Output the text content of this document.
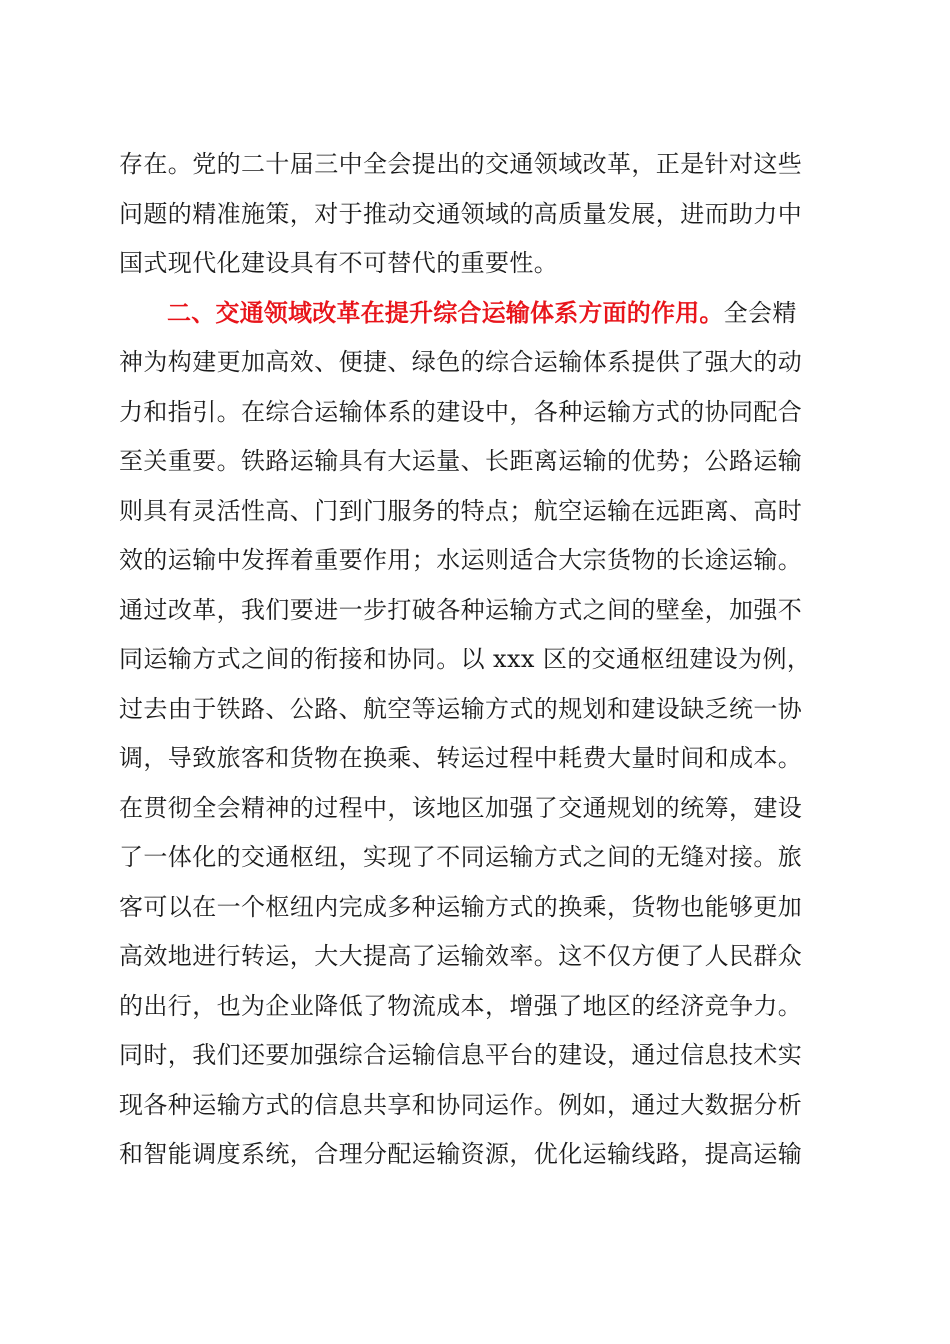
存在。党的二十届三中全会提出的交通领域改革，正是针对这些
问题的精准施策，对于推动交通领域的高质量发展，进而助力中
国式现代化建设具有不可替代的重要性。
二、交通领域改革在提升综合运输体系方面的作用。全会精
神为构建更加高效、便捷、绿色的综合运输体系提供了强大的动
力和指引。在综合运输体系的建设中，各种运输方式的协同配合
至关重要。铁路运输具有大运量、长距离运输的优势；公路运输
则具有灵活性高、门到门服务的特点；航空运输在远距离、高时
效的运输中发挥着重要作用；水运则适合大宗货物的长途运输。
通过改革，我们要进一步打破各种运输方式之间的壁垒，加强不
同运输方式之间的衔接和协同。以 xxx 区的交通枢纽建设为例，
过去由于铁路、公路、航空等运输方式的规划和建设缺乏统一协
调，导致旅客和货物在换乘、转运过程中耗费大量时间和成本。
在贯彻全会精神的过程中，该地区加强了交通规划的统筹，建设
了一体化的交通枢纽，实现了不同运输方式之间的无缝对接。旅
客可以在一个枢纽内完成多种运输方式的换乘，货物也能够更加
高效地进行转运，大大提高了运输效率。这不仅方便了人民群众
的出行，也为企业降低了物流成本，增强了地区的经济竞争力。
同时，我们还要加强综合运输信息平台的建设，通过信息技术实
现各种运输方式的信息共享和协同运作。例如，通过大数据分析
和智能调度系统，合理分配运输资源，优化运输线路，提高运输
